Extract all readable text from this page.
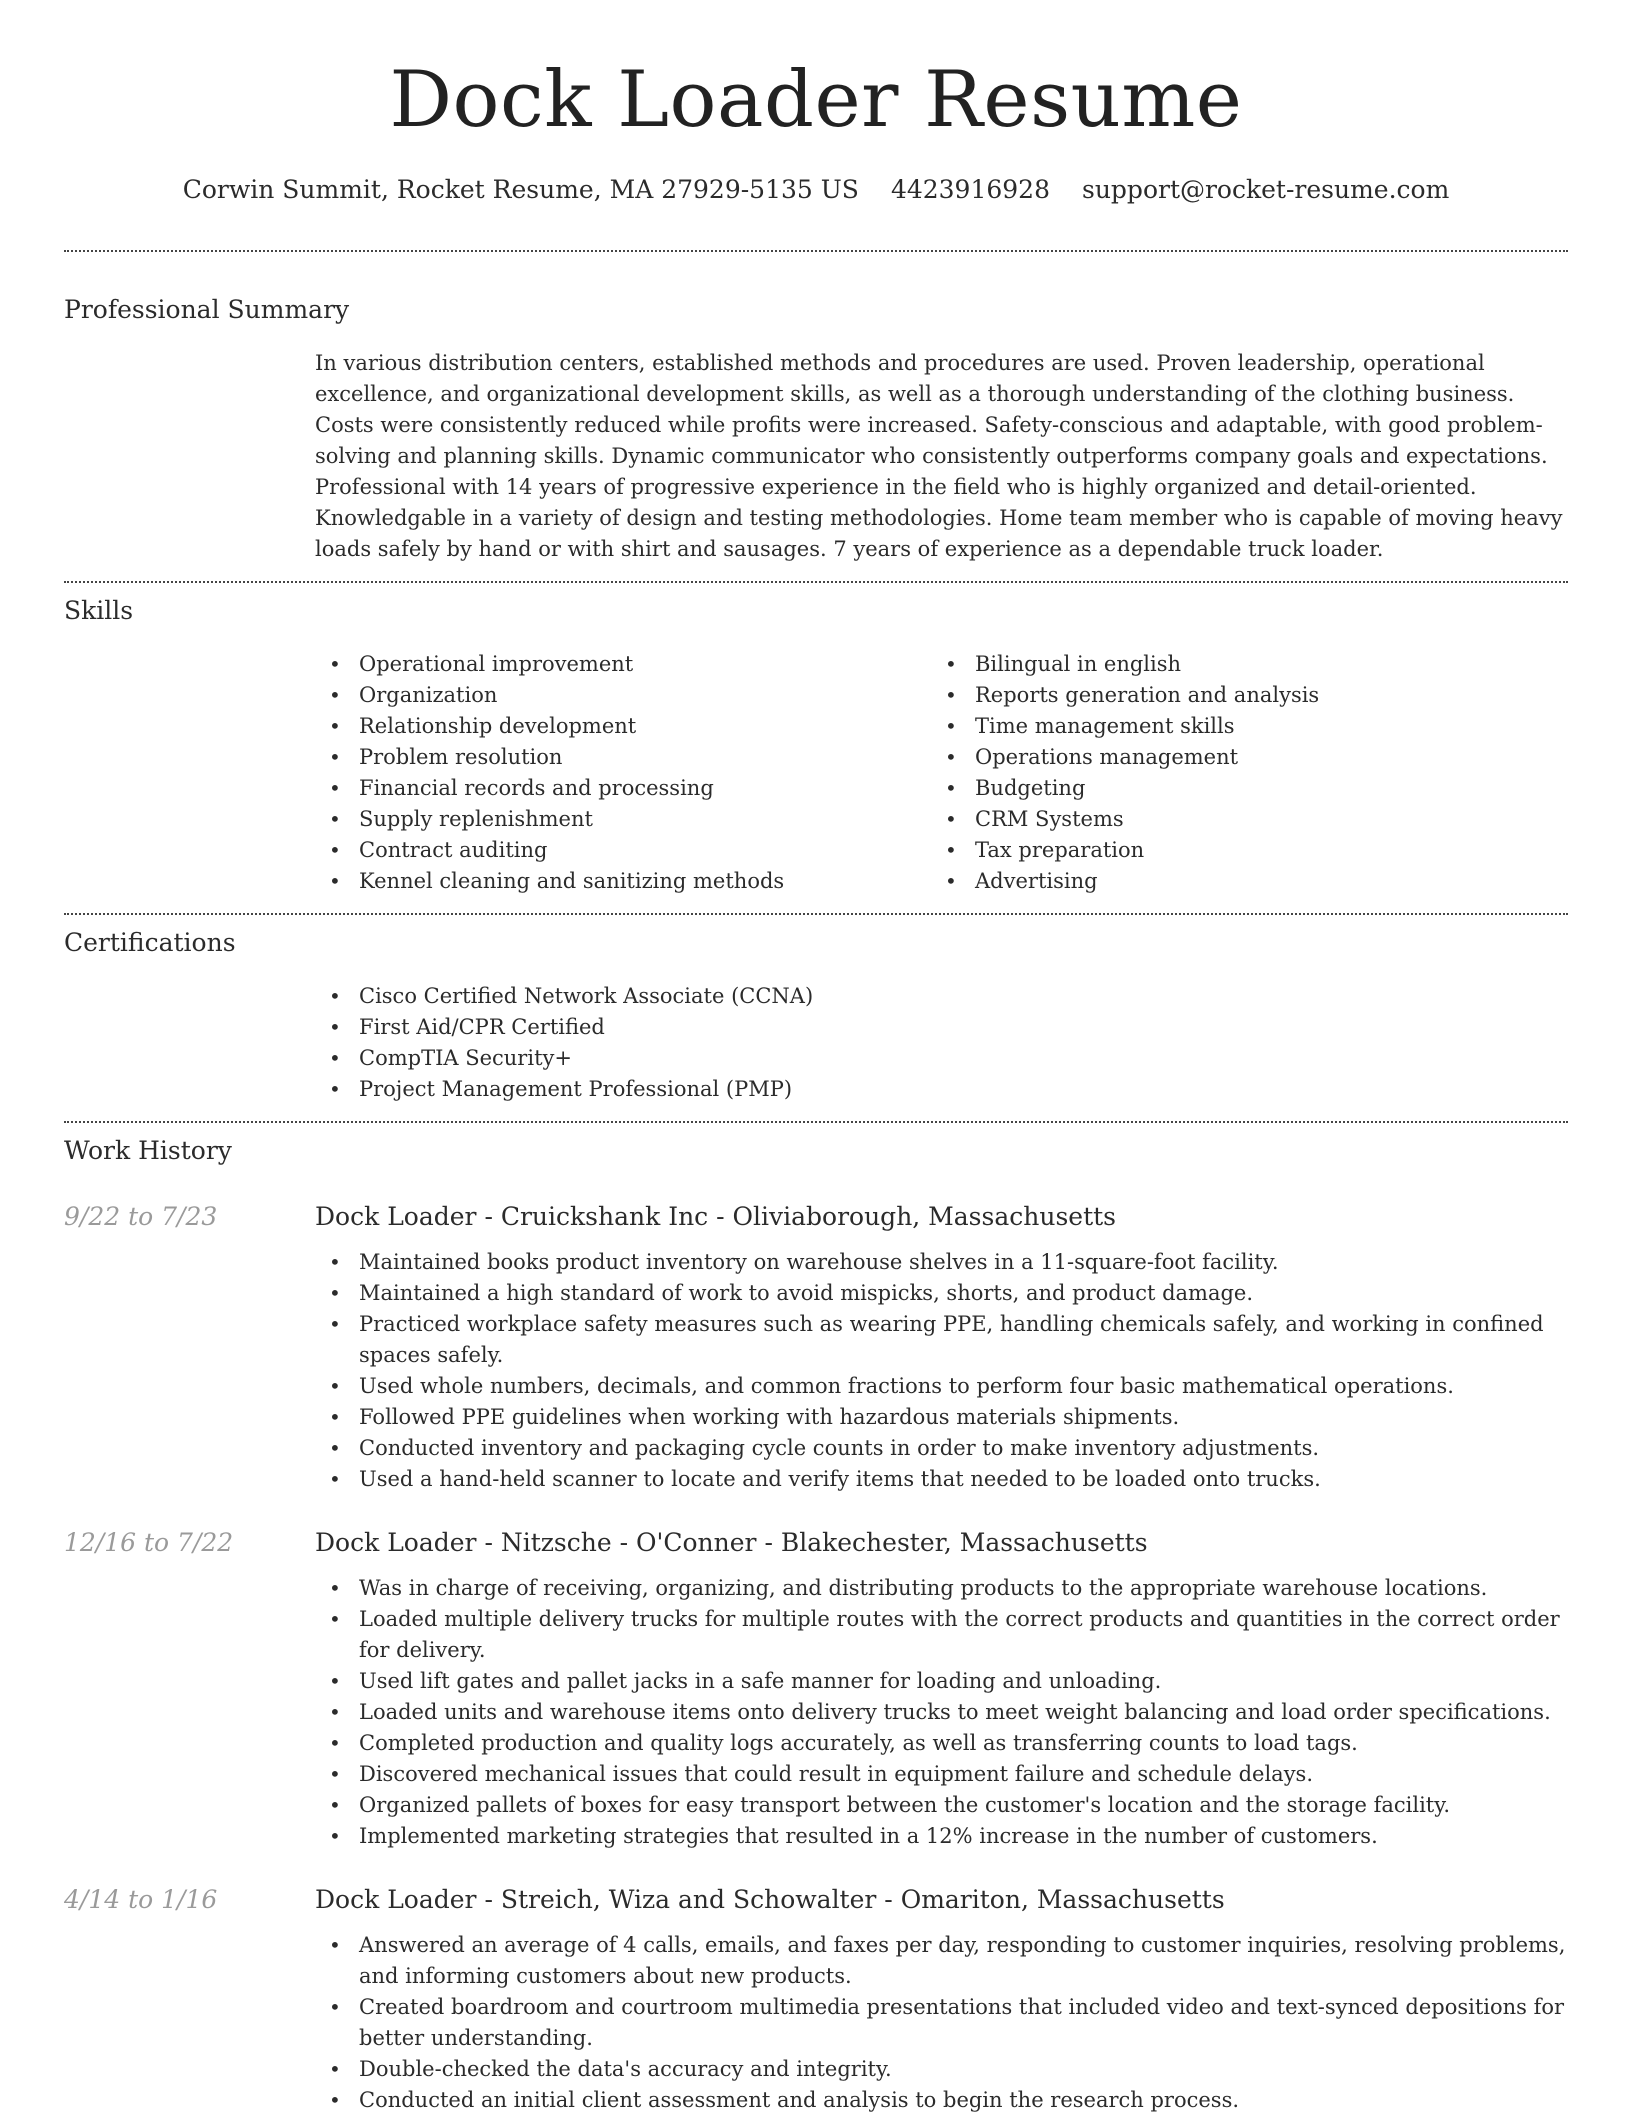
Dock Loader Resume
Corwin Summit, Rocket Resume, MA 27929-5135 US 4423916928 support@rocket-resume.com
Professional Summary

In various distribution centers, established methods and procedures are used. Proven leadership, operational excellence, and organizational development skills, as well as a thorough understanding of the clothing business. Costs were consistently reduced while profits were increased. Safety-conscious and adaptable, with good problem-solving and planning skills. Dynamic communicator who consistently outperforms company goals and expectations. Professional with 14 years of progressive experience in the field who is highly organized and detail-oriented. Knowledgable in a variety of design and testing methodologies. Home team member who is capable of moving heavy loads safely by hand or with shirt and sausages. 7 years of experience as a dependable truck loader.

Skills
• Operational improvement
• Organization
• Relationship development
• Problem resolution
• Financial records and processing
• Supply replenishment
• Contract auditing
• Kennel cleaning and sanitizing methods
• Bilingual in english
• Reports generation and analysis
• Time management skills
• Operations management
• Budgeting
• CRM Systems
• Tax preparation
• Advertising
Certifications
• Cisco Certified Network Associate (CCNA)
• First Aid/CPR Certified
• CompTIA Security+
• Project Management Professional (PMP)
Work History
9/22 to 7/23	Dock Loader - Cruickshank Inc - Oliviaborough, Massachusetts
• Maintained books product inventory on warehouse shelves in a 11-square-foot facility.
• Maintained a high standard of work to avoid mispicks, shorts, and product damage.
• Practiced workplace safety measures such as wearing PPE, handling chemicals safely, and working in confined spaces safely.
• Used whole numbers, decimals, and common fractions to perform four basic mathematical operations.
• Followed PPE guidelines when working with hazardous materials shipments.
• Conducted inventory and packaging cycle counts in order to make inventory adjustments.
• Used a hand-held scanner to locate and verify items that needed to be loaded onto trucks.
12/16 to 7/22	Dock Loader - Nitzsche - O'Conner - Blakechester, Massachusetts
• Was in charge of receiving, organizing, and distributing products to the appropriate warehouse locations.
• Loaded multiple delivery trucks for multiple routes with the correct products and quantities in the correct order for delivery.
• Used lift gates and pallet jacks in a safe manner for loading and unloading.
• Loaded units and warehouse items onto delivery trucks to meet weight balancing and load order specifications.
• Completed production and quality logs accurately, as well as transferring counts to load tags.
• Discovered mechanical issues that could result in equipment failure and schedule delays.
• Organized pallets of boxes for easy transport between the customer's location and the storage facility.
• Implemented marketing strategies that resulted in a 12% increase in the number of customers.
4/14 to 1/16	Dock Loader - Streich, Wiza and Schowalter - Omariton, Massachusetts
• Answered an average of 4 calls, emails, and faxes per day, responding to customer inquiries, resolving problems, and informing customers about new products.
• Created boardroom and courtroom multimedia presentations that included video and text-synced depositions for better understanding.
• Double-checked the data's accuracy and integrity.
• Conducted an initial client assessment and analysis to begin the research process.
